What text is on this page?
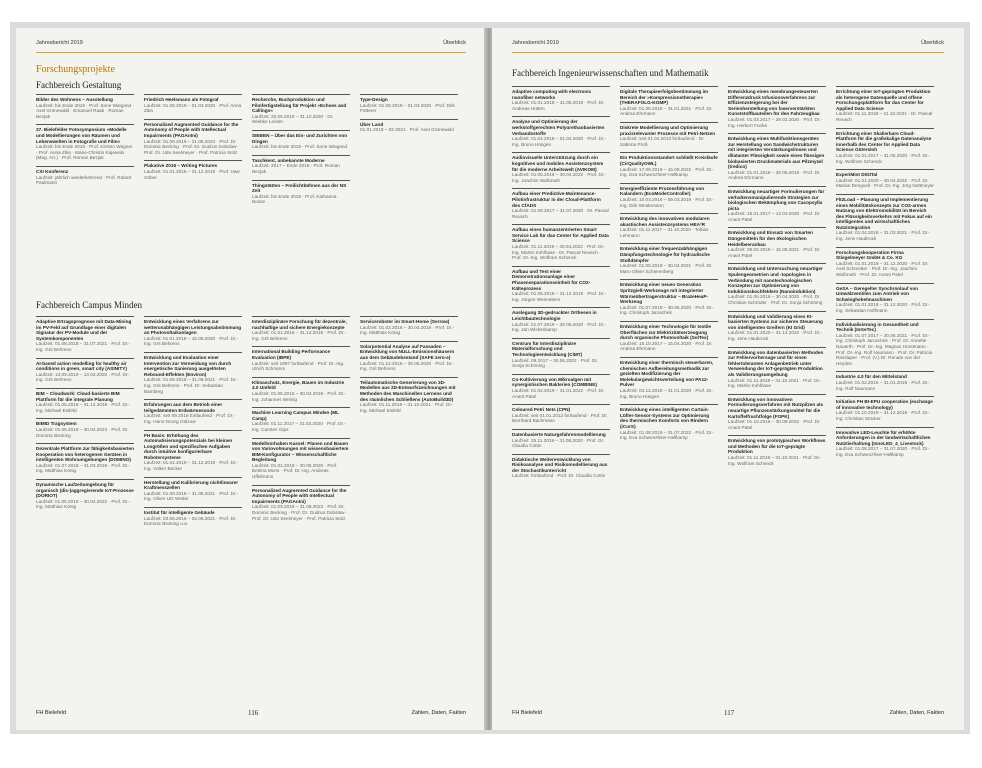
Jahresbericht 2019	Überblick
Forschungsprojekte
Fachbereich Gestaltung
Bilder des Wohnens – Ausstellung
Laufzeit: bis Ende 2019 · Prof. Sone Wiegand · Axel Grünewald · Emanuel Raab · Roman Bezjak
37. Bielefelder Fotosymposium »Modelle und Modellierungen von Räumen und Lebenswelten in Fotografie und Film«
Laufzeit: bis Ende 2019 · Prof. Kirsten Wagner · Prof. Anna Zika · Marie-Christin Kajewski (Mag. Art.) · Prof. Roman Bezjak
CXI Konferenz
Laufzeit: jährlich wiederkehrend · Prof. Robert Paulmann
Friedrich Heelsmann als Fotograf
Laufzeit: 01.09.2019 – 01.03.2020 · Prof. Anna Zika
Personalized Augmented Guidance for the Autonomy of People with Intellectual Impairments (PAGAnIni)
Laufzeit: 01.09.2019 – 31.08.2023 · Prof. Dr. Dominic Becking · Prof. Dr. Gudrun Dobslaw · Prof. Dr. Udo Seelmeyer · Prof. Patricia Stolz
Plakative 2015 – Writing Pictures
Laufzeit: 01.01.2015 – 31.12.2019 · Prof. Uwe Göbel
Recherche, Buchproduktion und Filmfertigstellung für Projekt »Echoes and Callings«
Laufzeit: 20.05.2019 – 31.12.2020 · Dr. Wiebke Leister
SIEBEN – Über das Ein- und Zurichten von Dingen
Laufzeit: bis Ende 2019 · Prof. Sone Wiegand
Taschkent, unbekannte Moderne
Laufzeit: 2017 – Ende 2019 · Prof. Roman Bezjak
Thingstätten – Freilichtbühnen aus der NS Zeit
Laufzeit: bis Ende 2019 · Prof. Katharina Bosse
Type-Design
Laufzeit: 01.09.2019 – 01.03.2020 · Prof. Dirk Fütterer
Über Land
01.01.2019 – 02.2021 · Prof. Axel Grünewald
Fachbereich Campus Minden
Adaptive Ertragsprognose mit Data-Mining im PV-Feld auf Grundlage einer digitalen Signatur der PV-Module und der Systemkomponenten
Laufzeit: 01.08.2018 – 31.07.2021 · Prof. Dr.-Ing. Grit Behrens
AI-based action modelling for healthy air conditions in green, smart city (ASINITY)
Laufzeit: 13.09.2019 – 13.02.2020 · Prof. Dr.-Ing. Grit Behrens
BIM – Cloudwork: Cloud-basierte BIM Plattform für die integrale Planung
Laufzeit: 01.05.2018 – 31.12.2019 · Prof. Dr.-Ing. Michael Eisfeld
BIMID Tragsystem
Laufzeit: 01.05.2019 – 30.04.2023 · Prof. Dr. Dominic Becking
Dezentrale Plattform zur fähigkeitsbasierten Kooperation von heterogenen Geräten in intelligenten Wohnumgebungen (DOMINO)
Laufzeit: 01.07.2018 – 31.03.2019 · Prof. Dr.-Ing. Matthias König
Dynamische Laufzeitumgebung für organisch (dis-)aggregierende IoT-Prozesse (DORIOT)
Laufzeit: 01.05.2019 – 30.04.2022 · Prof. Dr.-Ing. Matthias König
Entwicklung eines Verfahrens zur wetterunabhängigen Leistungsabstimmung an Photovoltaikanlagen
Laufzeit: 01.01.2018 – 15.09.2020 · Prof. Dr.-Ing. Grit Behrens
Entwicklung und Evaluation einer Intervention zur Vermeidung von durch energetische Sanierung ausgelösten Rebound-Effekten (Environ)
Laufzeit: 01.09.2018 – 31.08.2021 · Prof. Dr.-Ing. Grit Behrens · Prof. Dr. Sebastian Bamberg
Erfahrungen aus dem Betrieb einer teilgedämmten Erdwärmesonde
Laufzeit: seit 09.2016 fortlaufend · Prof. Dr.-Ing. Hans-Georg Gülzow
FH Basis: Erhöhung des Automatisierungspotenzials bei kleinen Losgrößen und spezifischen Aufgaben durch intuitive konfigurierbare Robotersysteme
Laufzeit: 01.01.2019 – 31.12.2019 · Prof. Dr.-Ing. Volker Becker
Herstellung und Kalibrierung nichtlinearer Kraftmesszellen
Laufzeit: 01.09.2019 – 31.08.2021 · Prof. Dr.-Ing. Oliver Utz Wetter
Institut für intelligente Gebäude
Laufzeit: 03.06.2016 – 02.06.2021 · Prof. Dr. Dominic Becking u.a.
Interdisziplinäre Forschung für dezentrale, nachhaltige und sichere Energiekonzepte
Laufzeit: 01.01.2016 – 31.12.2019 · Prof. Dr.-Ing. Grit Behrens
International Building Performance Evaluation (IBPE)
Laufzeit: seit 1997 fortlaufend · Prof. Dr.-Ing. Ulrich Schramm
Klimaschutz, Energie, Bauen im Industrie 4.0 Umfeld
Laufzeit: 01.05.2016 – 30.04.2019 · Prof. Dr.-Ing. Johannes Weinig
Machine Learning Campus Minden (ML Camp)
Laufzeit: 01.11.2017 – 31.03.2020 · Prof. Dr.-Ing. Carsten Gips
Modellvorhaben Kassel: Planen und Bauen von Variovohnungen mit wissensbasiertem BIM-Konfigurator – Wissenschaftliche Begleitung
Laufzeit: 01.01.2018 – 30.06.2020 · Prof. Bettina Mons · Prof. Dr.-Ing. Andreas Uffelmann
Personalized Augmented Guidance for the Autonomy of People with Intellectual Impairments (PAGAnIni)
Laufzeit: 01.09.2019 – 31.08.2023 · Prof. Dr. Dominic Becking · Prof. Dr. Gudrun Dobslaw · Prof. Dr. Udo Seelmeyer · Prof. Patricia Stolz
Serviceroboter im Smart-Home (Serrow)
Laufzeit: 01.02.2016 – 30.04.2019 · Prof. Dr.-Ing. Matthias König
Solarpotential Analyse auf Fassaden – Entwicklung von NULL-Emissionshäusern aus dem Gebäudebestand (SAFE zero-e)
Laufzeit: 01.12.2016 – 30.06.2020 · Prof. Dr.-Ing. Grit Behrens
Teilautomatische Generierung von 3D-Modellen aus 2D-Entwurfszeichnungen mit Methoden des Maschinellen Lernens und des räumlichen Schließens (AutoBuild3D)
Laufzeit: 01.11.2019 – 31.10.2021 · Prof. Dr.-Ing. Michael Eisfeld
FH Bielefeld	116	Zahlen, Daten, Fakten
Jahresbericht 2019	Überblick
Fachbereich Ingenieurwissenschaften und Mathematik
Adaptive computing with electronic nanofiber networks
Laufzeit: 01.01.2018 – 31.05.2019 · Prof. Dr. Andreas Hütten
Analyse und Optimierung der werkstoffgerechten Polyurethanbasierten Verbandsstoffe
Laufzeit: 01.04.2018 – 01.04.2020 · Prof. Dr.-Ing. Bruno Hüsgen
Audiovisuelle Unterstützung durch ein kognitives und mobiles Assistenzsystem für die moderne Arbeitswelt (AVIKOM)
Laufzeit: 01.05.2019 – 30.04.2022 · Prof. Dr.-Ing. Joachim Waßmuth
Aufbau einer Predictive-Maintenance-Pilotinfrastruktur in der Cloud-Plattform des CfADS
Laufzeit: 01.08.2017 – 31.07.2020 · Dr. Pascal Reusch
Aufbau eines humanzentrierten Smart Service Lab für das Center for Applied Data Science
Laufzeit: 01.11.2019 – 30.04.2022 · Prof. Dr.-Ing. Martin Kohlhase · Dr. Pascal Reusch · Prof. Dr.-Ing. Wolfram Schenck
Aufbau und Test einer Demonstrationsanlage einer Phasenseparationseinheit für CO2-Kälteprozess
Laufzeit: 01.05.2019 – 31.12.2019 · Prof. Dr.-Ing. Jürgen Wennekers
Auslegung 3D-gedruckter Orthesen in Leichtbautechnologie
Laufzeit: 01.07.2019 – 30.06.2020 · Prof. Dr.-Ing. Jan Wickenkamp
Centrum für Interdisziplinäre Materialforschung und Technologieentwicklung (CiMT)
Laufzeit: 09.2017 – 30.06.2022 · Prof. Dr. Sonja Schöning
Co-Kultivierung von Mikroalgen mit synergistischen Bakterien (COMBINE)
Laufzeit: 01.02.2019 – 31.01.2022 · Prof. Dr. Anant Patel
Coloured Petri Nets (CPN)
Laufzeit: seit 01.01.2012 fortlaufend · Prof. Dr. Bernhard Bachmann
Datenbasierte Naturgefahrenmodellierung
Laufzeit: 25.11.2019 – 31.08.2020 · Prof. Dr. Claudia Cottin
Didaktische Weiterentwicklung von Risikoanalyse und Risikomodellierung aus der Stochastikunterricht
Laufzeit: fortlaufend · Prof. Dr. Claudia Cottin
Digitale Therapieerfolgsbestimmung im Bereich der »Kompressionstherapie« (THERAFOLG-KOMP)
Laufzeit: 01.08.2018 – 31.01.2021 · Prof. Dr. Andrea Ehrmann
Diskrete Modellierung und Optimierung praxisrelevanter Prozesse mit Petri-Netzen
Laufzeit: seit 01.04.2013 fortlaufend · Dr. Sabrina Proß
Ein Produktionsstandort schließt Kreisläufe (CirQualityOWL)
Laufzeit: 17.09.2019 – 16.09.2022 · Prof. Dr.-Ing. Eva Schwenzfeier-Hellkamp
Energieeffiziente Prozessführung von Kalandern (EcoModeController)
Laufzeit: 10.03.2016 – 09.03.2019 · Prof. Dr.-Ing. Dirk Weidemann
Entwicklung des innovativen modularen akustischen Assistenzsystems HEA²R
Laufzeit: 01.11.2017 – 31.10.2020 · Tobias Lehmann
Entwicklung einer frequenzabhängigen Dämpfungstechnologie für hydraulische Stoßdämpfer
Laufzeit: 01.05.2019 – 30.04.2021 · Prof. Dr. Marc-Oliver Schierenberg
Entwicklung einer neuen Generation Spritzgieß-Werkzeuge mit integrierter Wärmeübertragerstruktur – BrazeHeaP-Werkzeug
Laufzeit: 01.07.2018 – 30.06.2020 · Prof. Dr.-Ing. Christoph Jaroschek
Entwicklung einer Technologie für textile Oberflächen zur Elektrizitätserzeugung durch organische Photovoltaik (SolTex)
Laufzeit: 16.10.2017 – 15.04.2020 · Prof. Dr. Andrea Ehrmann
Entwicklung einer thermisch steuerbaren, chemischen Aufbereitungsmethodik zur gezielten Modifizierung der Molekulargewichtsverteilung von PA12-Pulver
Laufzeit: 03.12.2018 – 31.01.2020 · Prof. Dr.-Ing. Bruno Hüsgen
Entwicklung eines intelligenten Curtain-Lüfter-Sensor-Systems zur Optimierung des thermischen Komforts von Rindern (iCurS)
Laufzeit: 01.08.2019 – 31.07.2022 · Prof. Dr.-Ing. Eva Schwenzfeier-Hellkamp
Entwicklung eines membrangesteuerten Differenzdruck Infusionsverfahrens zur Effizienzsteigerung bei der Serienherstellung von faserverstärkten Kunststoffbauteilen für den Fahrzeugbau
Laufzeit: 01.03.2017 – 29.02.2020 · Prof. Dr.-Ing. Herbert Funke
Entwicklung eines Multifunktionsgerätes zur Herstellung von Sandwichstrukturen mit integrierten Verstärkungslinsen und dilatanter Flüssigkeit sowie eines flüssigen biobasierten Druckmaterials aus Pilzmyzel (tredico)
Laufzeit: 01.01.2018 – 30.06.2019 · Prof. Dr. Andrea Ehrmann
Entwicklung neuartiger Formulierungen für verhaltensmanipulierende Strategien zur biologischen Bekämpfung von Cacopsylla picta
Laufzeit: 15.01.2017 – 14.03.2020 · Prof. Dr. Anant Patel
Entwicklung und Einsatz von Smarten Düngemitteln für den ökologischen Heidelbeeranbau
Laufzeit: 05.02.2019 – 15.08.2021 · Prof. Dr. Anant Patel
Entwicklung und Untersuchung neuartiger Spulengeometrien und -topologien in Verbindung mit nanotechnologischen Konzepten zur Optimierung von Induktionskochfeldern (Nanoinduktion)
Laufzeit: 01.06.2016 – 30.04.2020 · Prof. Dr. Christian Schröder · Prof. Dr. Sonja Schöning
Entwicklung und Validierung eines KI-basierten Systems zur sicheren Steuerung von intelligenten Greifern (KI Grid)
Laufzeit: 01.01.2020 – 31.12.2022 · Prof. Dr.-Ing. Jens Haubrock
Entwicklung von datenbasierten Methoden zur Fehlervorhersage und für einen fehlertoleranten Anlagenbetrieb unter Verwendung der IoT-geprägten Produktion als Validierungsumgebung
Laufzeit: 01.11.2018 – 31.10.2021 · Prof. Dr.-Ing. Martin Kohlhase
Entwicklung von innovativen Formulierungsverfahren mit Nutzpilzen als neuartige Pflanzenstärkungsmittel für die Kartoffelfruchtfolge (FOPK)
Laufzeit: 01.10.2019 – 30.09.2022 · Prof. Dr. Anant Patel
Entwicklung von prototypischen Workflows und Methoden für die IoT-geprägte Produktion
Laufzeit: 01.11.2018 – 31.10.2021 · Prof. Dr.-Ing. Wolfram Schenck
Errichtung einer IoT-geprägten Produktion als heterogene Datenquelle und offene Forschungsplattform für das Center for Applied Data Science
Laufzeit: 01.11.2018 – 31.10.2021 · Dr. Pascal Reusch
Errichtung einer Skalierbare Cloud-Plattform für die großskalige Datenanalyse innerhalb des Center for Applied Data Science Gütersloh
Laufzeit: 01.01.2017 – 31.05.2020 · Prof. Dr.-Ing. Wolfram Schenck
ExperiMint DIGITal
Laufzeit: 01.01.2020 – 30.04.2022 · Prof. Dr. Marian Dengvall · Prof. Dr.-Ing. Jörg Nottmeyer
FlI2Load – Planung und Implementierung eines Mobilitätskonzepts zur CO2-armen Nutzung von Elektromobilität im Bereich des Flüssigkeitsverkehrs mit Fokus auf ein intelligentes und wirtschaftliches Nutzintegration
Laufzeit: 01.04.2018 – 31.03.2021 · Prof. Dr.-Ing. Jens Haubrock
Forschungskooperation Firma Stiegelmeyer GmbH & Co. KG
Laufzeit: 01.01.2018 – 31.12.2020 · Prof. Dr. Axel Schneider · Prof. Dr.-Ing. Joachim Waßmuth · Prof. Dr. Anant Patel
GeSA – Geregelter Synchronlauf von Umwälzventilen zum Antrieb von Schwinghebelmaschinen
Laufzeit: 01.01.2018 – 31.12.2020 · Prof. Dr.-Ing. Sebastian Hoffmann
Individualisierung in Gesundheit und Technik (InGeTec)
Laufzeit: 01.07.2017 – 30.06.2021 · Prof. Dr.-Ing. Christoph Jaroschek · Prof. Dr. Annette Nauerth · Prof. Dr.-Ing. Magnus Horstmann · Prof. Dr.-Ing. Rolf Naumann · Prof. Dr. Patricia Rasslaper · Prof. (V.) Dr. Renate von der Heyden
Industrie 4.0 für den Mittelstand
Laufzeit: 01.02.2016 – 31.01.2019 · Prof. Dr.-Ing. Rolf Naumann
Initiation FH BI-EPU cooperation (exchange of innovative technology)
Laufzeit: 01.10.2019 – 31.12.2019 · Prof. Dr.-Ing. Christian Stöcker
Innovative LED-Leuchte für erhöhte Anforderungen in der landwirtschaftlichen Nutztierhaltung (InnoLED_4_Livestock)
Laufzeit: 01.08.2017 – 31.07.2020 · Prof. Dr.-Ing. Eva Schwenzfeier-Hellkamp
FH Bielefeld	117	Zahlen, Daten, Fakten
